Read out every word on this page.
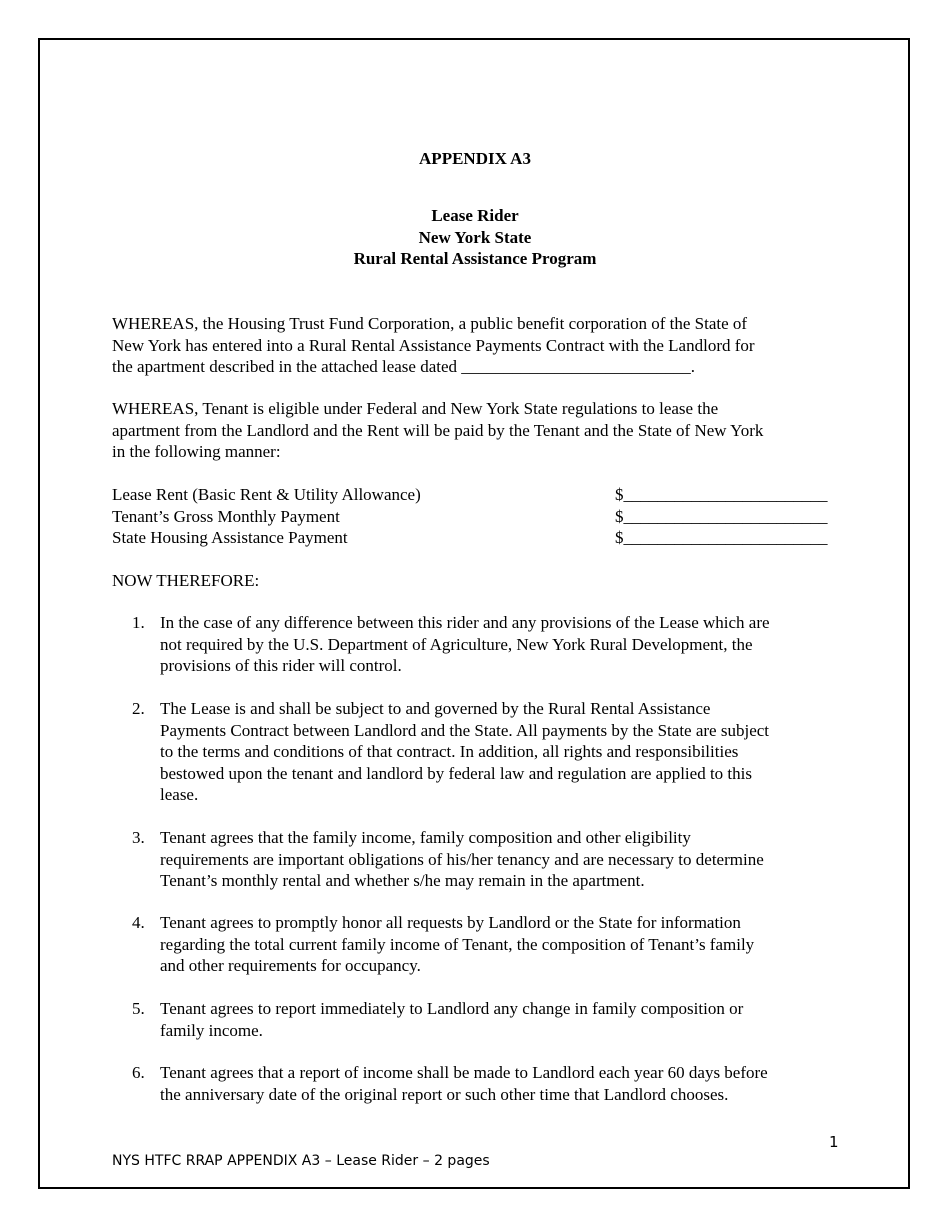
APPENDIX A3
Lease Rider
New York State
Rural Rental Assistance Program
WHEREAS, the Housing Trust Fund Corporation, a public benefit corporation of the State of
New York has entered into a Rural Rental Assistance Payments Contract with the Landlord for
the apartment described in the attached lease dated ___________________________.
WHEREAS, Tenant is eligible under Federal and New York State regulations to lease the
apartment from the Landlord and the Rent will be paid by the Tenant and the State of New York
in the following manner:
Lease Rent (Basic Rent & Utility Allowance)	$________________________
Tenant’s Gross Monthly Payment	$________________________
State Housing Assistance Payment	$________________________
NOW THEREFORE:
1. In the case of any difference between this rider and any provisions of the Lease which are
not required by the U.S. Department of Agriculture, New York Rural Development, the
provisions of this rider will control.
2. The Lease is and shall be subject to and governed by the Rural Rental Assistance
Payments Contract between Landlord and the State. All payments by the State are subject
to the terms and conditions of that contract. In addition, all rights and responsibilities
bestowed upon the tenant and landlord by federal law and regulation are applied to this
lease.
3. Tenant agrees that the family income, family composition and other eligibility
requirements are important obligations of his/her tenancy and are necessary to determine
Tenant’s monthly rental and whether s/he may remain in the apartment.
4. Tenant agrees to promptly honor all requests by Landlord or the State for information
regarding the total current family income of Tenant, the composition of Tenant’s family
and other requirements for occupancy.
5. Tenant agrees to report immediately to Landlord any change in family composition or
family income.
6. Tenant agrees that a report of income shall be made to Landlord each year 60 days before
the anniversary date of the original report or such other time that Landlord chooses.
1
NYS HTFC RRAP APPENDIX A3 – Lease Rider – 2 pages
